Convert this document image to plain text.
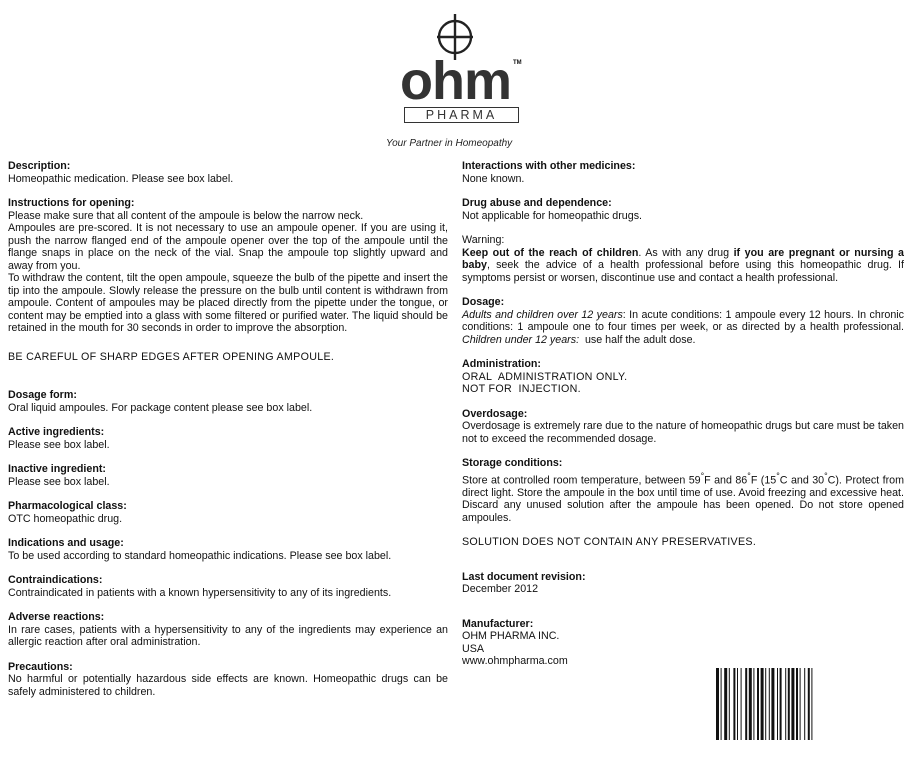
ohm TM
PHARMA
Your Partner in Homeopathy
Description:

Homeopathic medication. Please see box label.

Instructions for opening:

Please make sure that all content of the ampoule is below the narrow neck.

Ampoules are pre-scored. It is not necessary to use an ampoule opener. If you are using it, push the narrow flanged end of the ampoule opener over the top of the ampoule until the flange snaps in place on the neck of the vial. Snap the ampoule top slightly upward and away from you.

To withdraw the content, tilt the open ampoule, squeeze the bulb of the pipette and insert the tip into the ampoule. Slowly release the pressure on the bulb until content is withdrawn from ampoule. Content of ampoules may be placed directly from the pipette under the tongue, or content may be emptied into a glass with some filtered or purified water. The liquid should be retained in the mouth for 30 seconds in order to improve the absorption.

BE CAREFUL OF SHARP EDGES AFTER OPENING AMPOULE.
Dosage form:

Oral liquid ampoules. For package content please see box label.

Active ingredients:

Please see box label.

Inactive ingredient:

Please see box label.

Pharmacological class:

OTC homeopathic drug.

Indications and usage:

To be used according to standard homeopathic indications. Please see box label.

Contraindications:

Contraindicated in patients with a known hypersensitivity to any of its ingredients.

Adverse reactions:

In rare cases, patients with a hypersensitivity to any of the ingredients may experience an allergic reaction after oral administration.

Precautions:

No harmful or potentially hazardous side effects are known. Homeopathic drugs can be safely administered to children.

Interactions with other medicines:

None known.

Drug abuse and dependence:

Not applicable for homeopathic drugs.

Warning:

Keep out of the reach of children. As with any drug if you are pregnant or nursing a baby, seek the advice of a health professional before using this homeopathic drug. If symptoms persist or worsen, discontinue use and contact a health professional.

Dosage:

Adults and children over 12 years: In acute conditions: 1 ampoule every 12 hours. In chronic conditions: 1 ampoule one to four times per week, or as directed by a health professional. Children under 12 years:  use half the adult dose.

Administration:

ORAL  ADMINISTRATION ONLY.

NOT FOR  INJECTION.

Overdosage:

Overdosage is extremely rare due to the nature of homeopathic drugs but care must be taken not to exceed the recommended dosage.

Storage conditions:

Store at controlled room temperature, between 59°F and 86°F (15°C and 30°C). Protect from direct light. Store the ampoule in the box until time of use. Avoid freezing and excessive heat. Discard any unused solution after the ampoule has been opened. Do not store opened ampoules.

SOLUTION DOES NOT CONTAIN ANY PRESERVATIVES.
Last document revision:

December 2012

Manufacturer:

OHM PHARMA INC.

USA

www.ohmpharma.com
